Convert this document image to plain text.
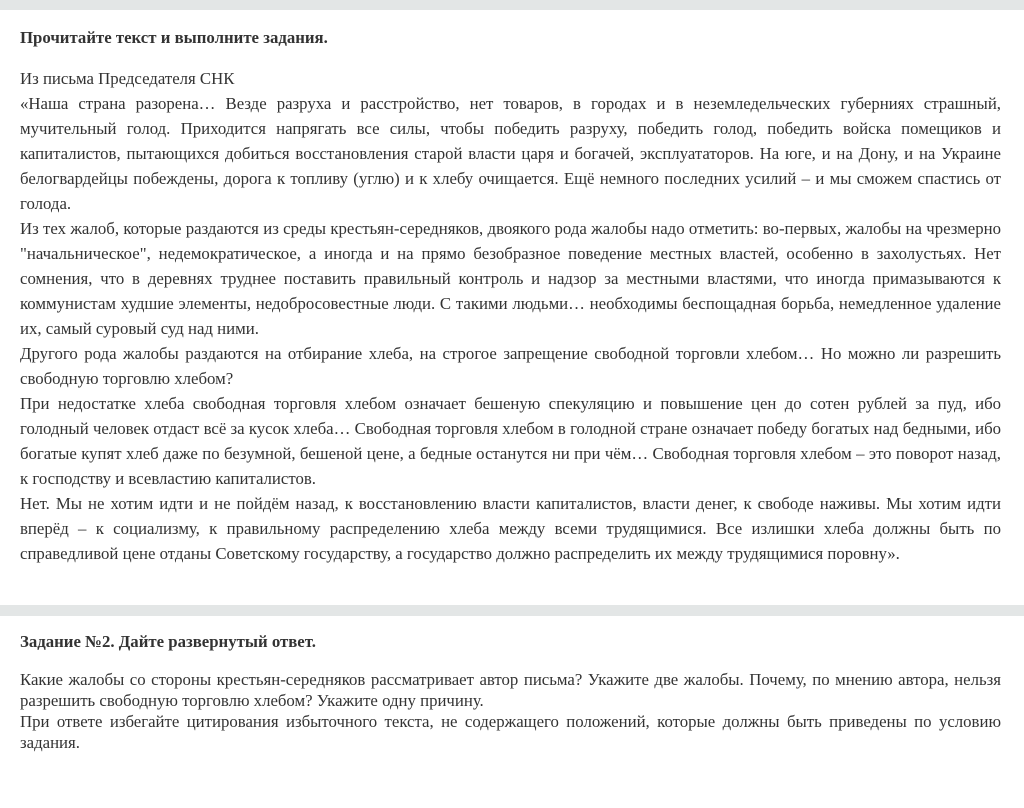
Прочитайте текст и выполните задания.

Из письма Председателя СНК

«Наша страна разорена… Везде разруха и расстройство, нет товаров, в городах и в неземледельческих губерниях страшный, мучительный голод. Приходится напрягать все силы, чтобы победить разруху, победить голод, победить войска помещиков и капиталистов, пытающихся добиться восстановления старой власти царя и богачей, эксплуататоров. На юге, и на Дону, и на Украине белогвардейцы побеждены, дорога к топливу (углю) и к хлебу очищается. Ещё немного последних усилий – и мы сможем спастись от голода.

Из тех жалоб, которые раздаются из среды крестьян-середняков, двоякого рода жалобы надо отметить: во-первых, жалобы на чрезмерно "начальническое", недемократическое, а иногда и на прямо безобразное поведение местных властей, особенно в захолустьях. Нет сомнения, что в деревнях труднее поставить правильный контроль и надзор за местными властями, что иногда примазываются к коммунистам худшие элементы, недобросовестные люди. С такими людьми… необходимы беспощадная борьба, немедленное удаление их, самый суровый суд над ними.

Другого рода жалобы раздаются на отбирание хлеба, на строгое запрещение свободной торговли хлебом… Но можно ли разрешить свободную торговлю хлебом?

При недостатке хлеба свободная торговля хлебом означает бешеную спекуляцию и повышение цен до сотен рублей за пуд, ибо голодный человек отдаст всё за кусок хлеба… Свободная торговля хлебом в голодной стране означает победу богатых над бедными, ибо богатые купят хлеб даже по безумной, бешеной цене, а бедные останутся ни при чём… Свободная торговля хлебом – это поворот назад, к господству и всевластию капиталистов.

Нет. Мы не хотим идти и не пойдём назад, к восстановлению власти капиталистов, власти денег, к свободе наживы. Мы хотим идти вперёд – к социализму, к правильному распределению хлеба между всеми трудящимися. Все излишки хлеба должны быть по справедливой цене отданы Советскому государству, а государство должно распределить их между трудящимися поровну».

Задание №2. Дайте развернутый ответ.

Какие жалобы со стороны крестьян-середняков рассматривает автор письма? Укажите две жалобы. Почему, по мнению автора, нельзя разрешить свободную торговлю хлебом? Укажите одну причину.

При ответе избегайте цитирования избыточного текста, не содержащего положений, которые должны быть приведены по условию задания.
